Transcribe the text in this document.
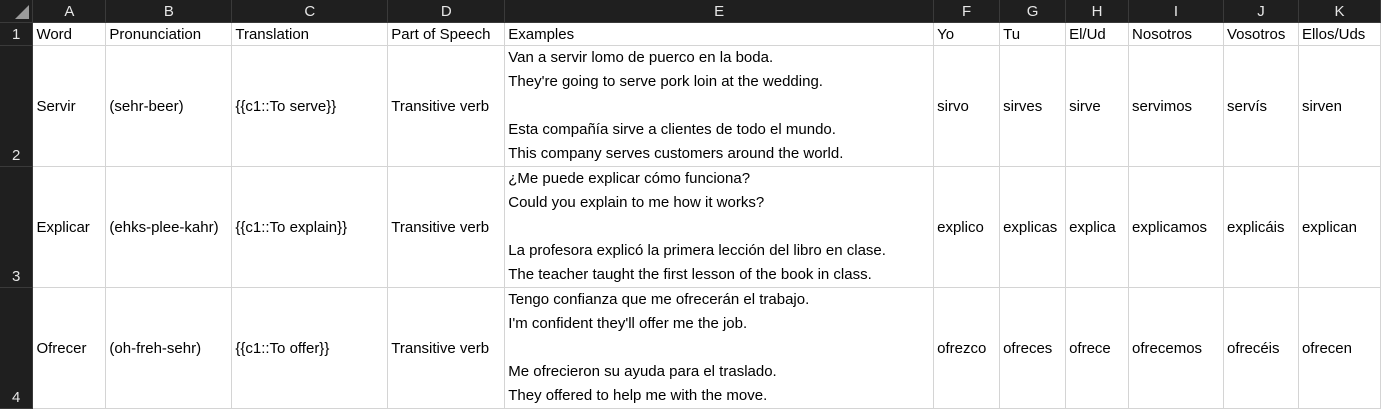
	A	B	C	D	E	F	G	H	I	J	K
1	Word	Pronunciation	Translation	Part of Speech	Examples	Yo	Tu	El/Ud	Nosotros	Vosotros	Ellos/Uds
2	Servir	(sehr-beer)	{{c1::To serve}}	Transitive verb	Van a servir lomo de puerco en la boda.
They're going to serve pork loin at the wedding.
Esta compañía sirve a clientes de todo el mundo.
This company serves customers around the world.	sirvo	sirves	sirve	servimos	servís	sirven
3	Explicar	(ehks-plee-kahr)	{{c1::To explain}}	Transitive verb	¿Me puede explicar cómo funciona?
Could you explain to me how it works?
La profesora explicó la primera lección del libro en clase.
The teacher taught the first lesson of the book in class.	explico	explicas	explica	explicamos	explicáis	explican
4	Ofrecer	(oh-freh-sehr)	{{c1::To offer}}	Transitive verb	Tengo confianza que me ofrecerán el trabajo.
I'm confident they'll offer me the job.
Me ofrecieron su ayuda para el traslado.
They offered to help me with the move.	ofrezco	ofreces	ofrece	ofrecemos	ofrecéis	ofrecen
